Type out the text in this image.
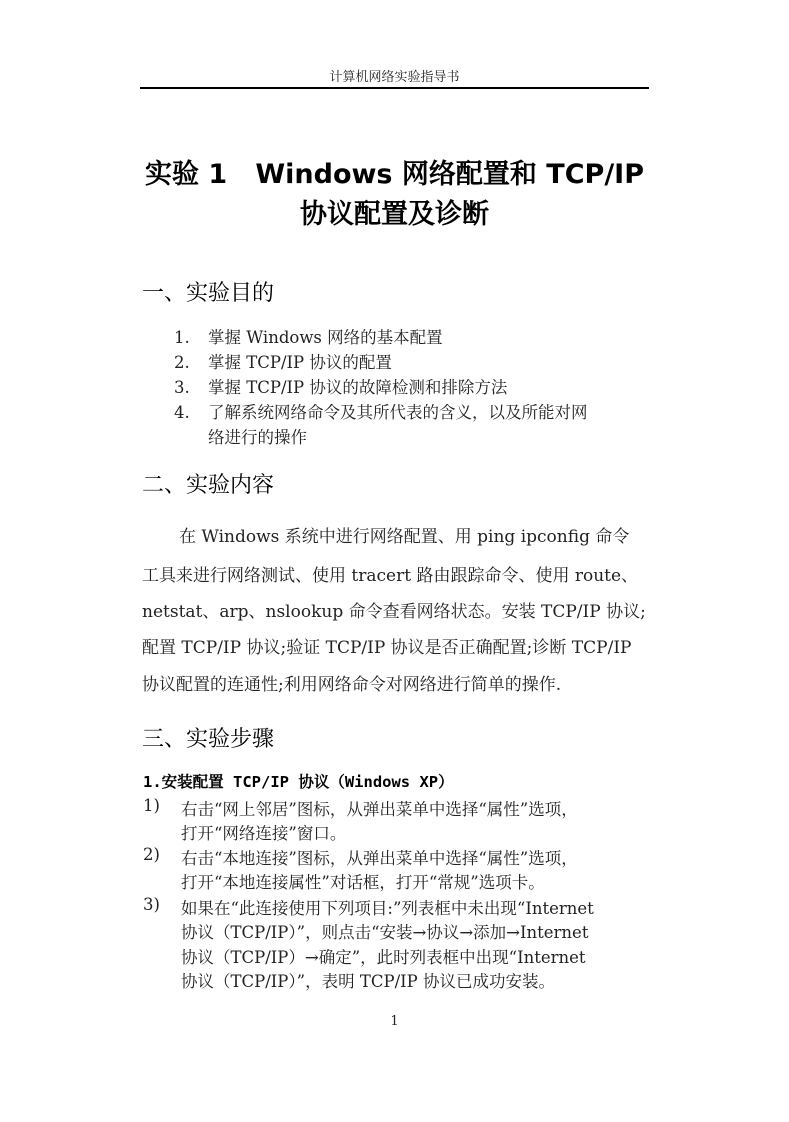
计算机网络实验指导书
实验 1   Windows 网络配置和 TCP/IP
协议配置及诊断
一、实验目的
1. 掌握 Windows 网络的基本配置
2. 掌握 TCP/IP 协议的配置
3. 掌握 TCP/IP 协议的故障检测和排除方法
4. 了解系统网络命令及其所代表的含义，以及所能对网
络进行的操作
二、实验内容
在 Windows 系统中进行网络配置、用 ping ipconfig 命令
工具来进行网络测试、使用 tracert 路由跟踪命令、使用 route、
netstat、arp、nslookup 命令查看网络状态。安装 TCP/IP 协议;
配置 TCP/IP 协议;验证 TCP/IP 协议是否正确配置;诊断 TCP/IP
协议配置的连通性;利用网络命令对网络进行简单的操作.
三、实验步骤
1.安装配置 TCP/IP 协议（Windows XP）
1) 右击“网上邻居”图标，从弹出菜单中选择“属性”选项，
打开“网络连接”窗口。
2) 右击“本地连接”图标，从弹出菜单中选择“属性”选项，
打开“本地连接属性”对话框，打开“常规”选项卡。
3) 如果在“此连接使用下列项目:”列表框中未出现“Internet
协议（TCP/IP）”，则点击“安装→协议→添加→Internet
协议（TCP/IP）→确定”，此时列表框中出现“Internet
协议（TCP/IP）”，表明 TCP/IP 协议已成功安装。
1
